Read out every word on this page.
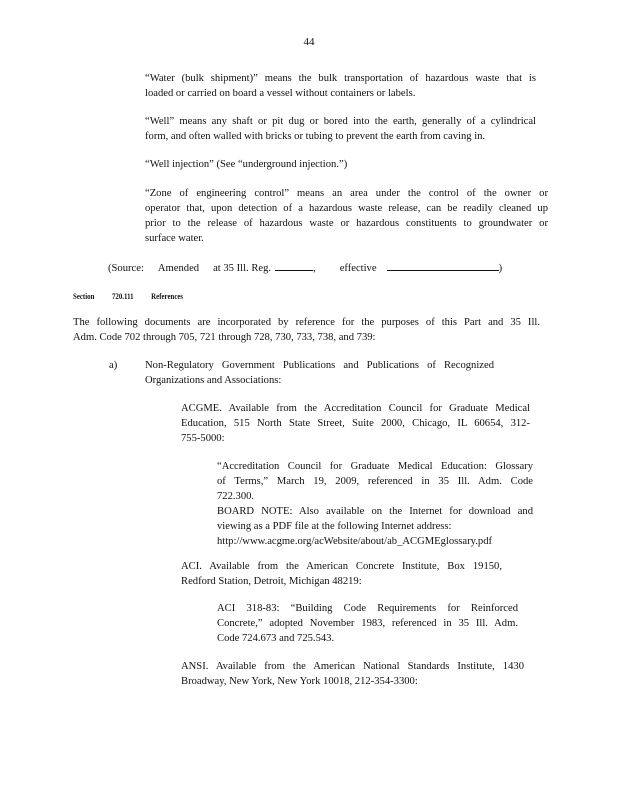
44
“Water (bulk shipment)” means the bulk transportation of hazardous waste that is
loaded or carried on board a vessel without containers or labels.
“Well” means any shaft or pit dug or bored into the earth, generally of a cylindrical
form, and often walled with bricks or tubing to prevent the earth from caving in.
“Well injection” (See “underground injection.”)
“Zone of engineering control” means an area under the control of the owner or
operator that, upon detection of a hazardous waste release, can be readily cleaned up
prior to the release of hazardous waste or hazardous constituents to groundwater or
surface water.
(Source: Amended at 35 Ill. Reg.	, effective	)
Section 720.111 References
The following documents are incorporated by reference for the purposes of this Part and 35 Ill.
Adm. Code 702 through 705, 721 through 728, 730, 733, 738, and 739:
a)	Non-Regulatory Government Publications and Publications of Recognized
Organizations and Associations:
ACGME. Available from the Accreditation Council for Graduate Medical
Education, 515 North State Street, Suite 2000, Chicago, IL 60654, 312-
755-5000:
“Accreditation Council for Graduate Medical Education: Glossary
of Terms,” March 19, 2009, referenced in 35 Ill. Adm. Code
722.300.
BOARD NOTE: Also available on the Internet for download and
viewing as a PDF file at the following Internet address:
http://www.acgme.org/acWebsite/about/ab_ACGMEglossary.pdf
ACI. Available from the American Concrete Institute, Box 19150,
Redford Station, Detroit, Michigan 48219:
ACI 318-83: “Building Code Requirements for Reinforced
Concrete,” adopted November 1983, referenced in 35 Ill. Adm.
Code 724.673 and 725.543.
ANSI. Available from the American National Standards Institute, 1430
Broadway, New York, New York 10018, 212-354-3300:
